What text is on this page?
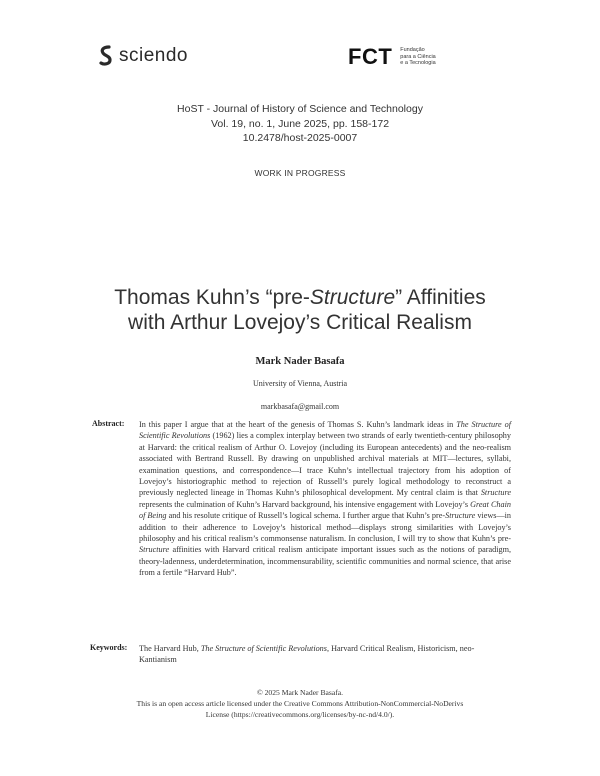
sciendo	FCT Fundação
para a Ciência
e a Tecnologia
HoST - Journal of History of Science and Technology
Vol. 19, no. 1, June 2025, pp. 158-172
10.2478/host-2025-0007
WORK IN PROGRESS
Thomas Kuhn’s “pre-Structure” Affinities
with Arthur Lovejoy’s Critical Realism
Mark Nader Basafa
University of Vienna, Austria
markbasafa@gmail.com
Abstract: In this paper I argue that at the heart of the genesis of Thomas S. Kuhn’s landmark ideas in The Structure of Scientific Revolutions (1962) lies a complex interplay between two strands of early twentieth-century philosophy at Harvard: the critical realism of Arthur O. Lovejoy (including its European antecedents) and the neo-realism associated with Bertrand Russell. By drawing on unpublished archival materials at MIT—lectures, syllabi, examination questions, and correspondence—I trace Kuhn’s intellectual trajectory from his adoption of Lovejoy’s historiographic method to rejection of Russell’s purely logical methodology to reconstruct a previously neglected lineage in Thomas Kuhn’s philosophical development. My central claim is that Structure represents the culmination of Kuhn’s Harvard background, his intensive engagement with Lovejoy’s Great Chain of Being and his resolute critique of Russell’s logical schema. I further argue that Kuhn’s pre-Structure views—in addition to their adherence to Lovejoy’s historical method—displays strong similarities with Lovejoy’s philosophy and his critical realism’s commonsense naturalism. In conclusion, I will try to show that Kuhn’s pre-Structure affinities with Harvard critical realism anticipate important issues such as the notions of paradigm, theory-ladenness, underdetermination, incommensurability, scientific communities and normal science, that arise from a fertile “Harvard Hub”.
Keywords: The Harvard Hub, The Structure of Scientific Revolutions, Harvard Critical Realism, Historicism, neo-Kantianism
© 2025 Mark Nader Basafa.
This is an open access article licensed under the Creative Commons Attribution-NonCommercial-NoDerivs
License (https://creativecommons.org/licenses/by-nc-nd/4.0/).
